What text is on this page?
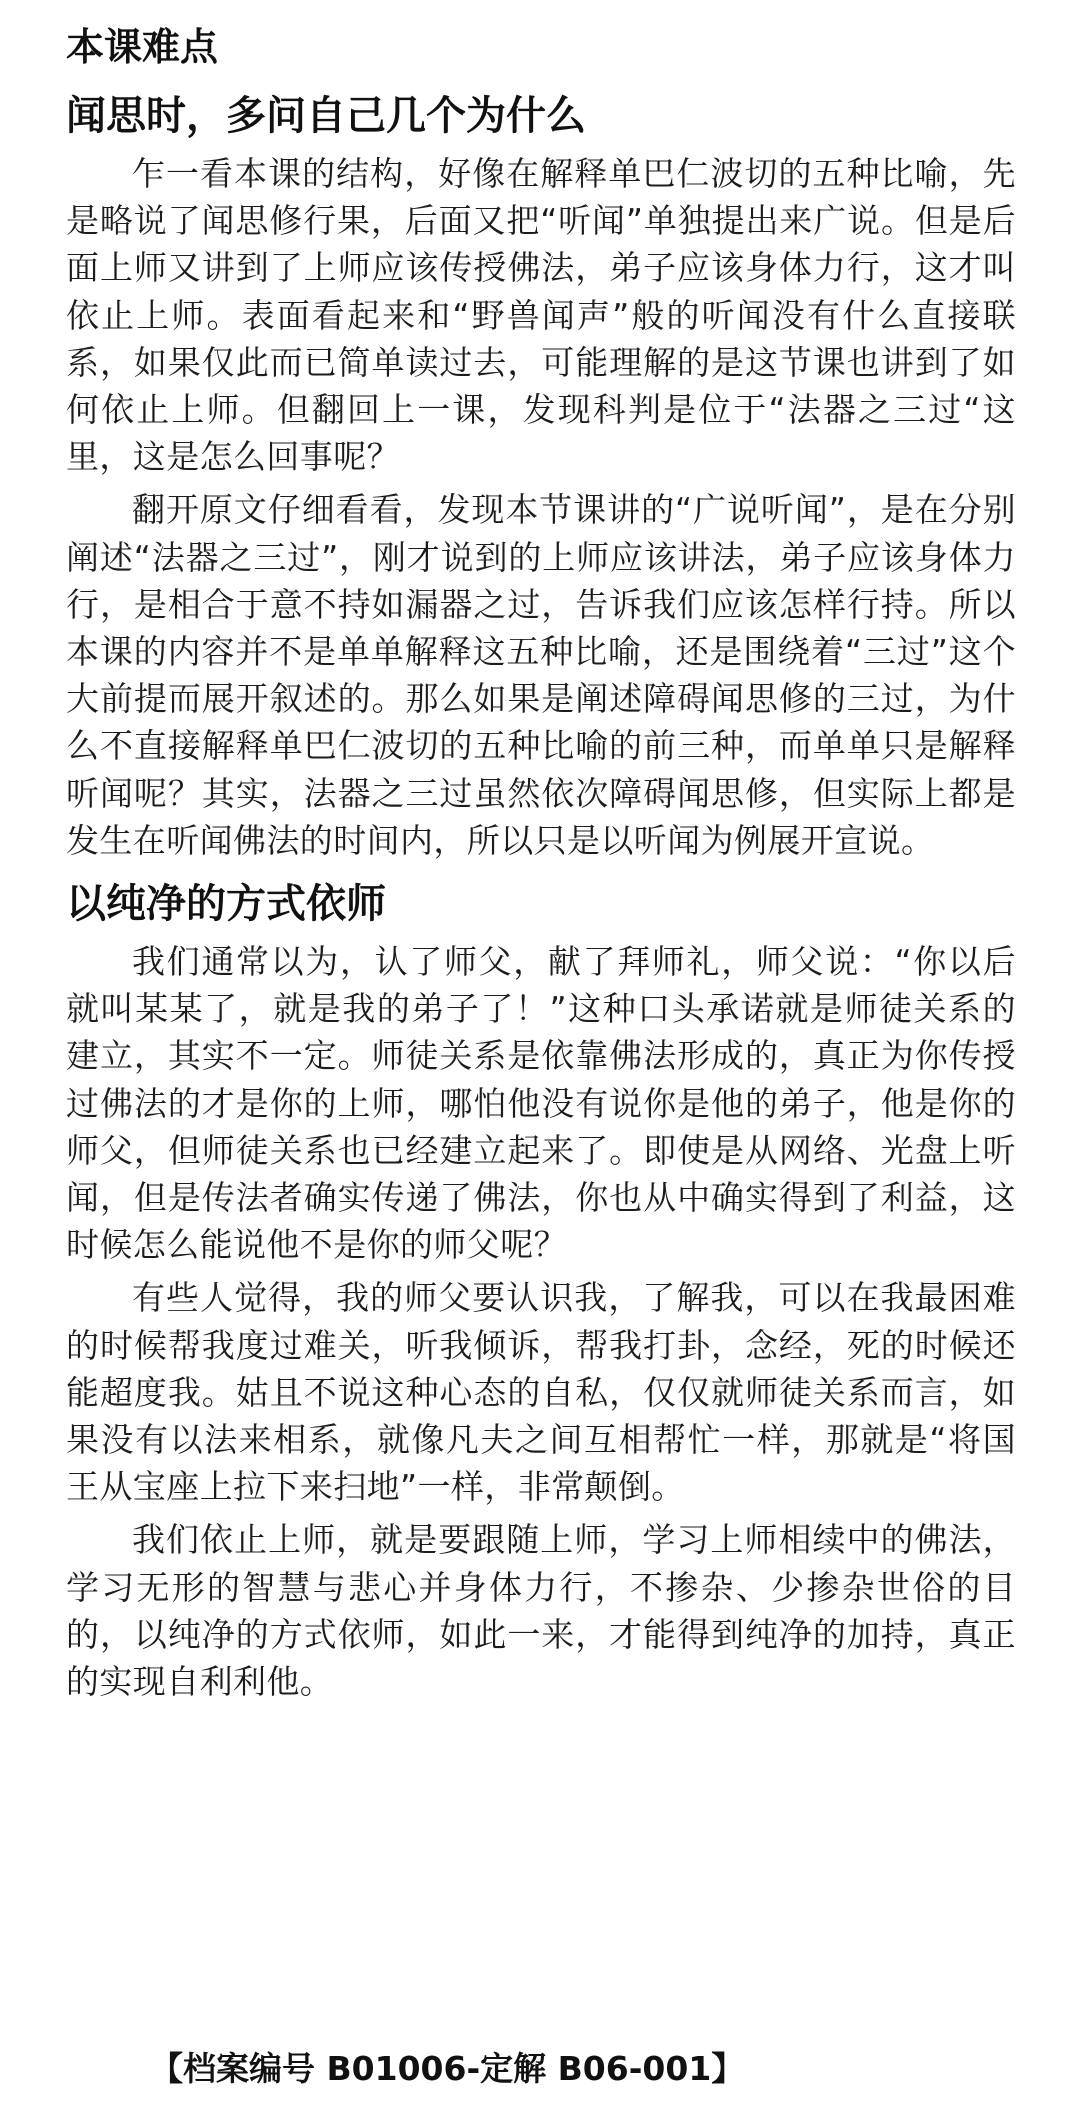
本课难点
闻思时，多问自己几个为什么

乍一看本课的结构，好像在解释单巴仁波切的五种比喻，先是略说了闻思修行果，后面又把“听闻”单独提出来广说。但是后面上师又讲到了上师应该传授佛法，弟子应该身体力行，这才叫依止上师。表面看起来和“野兽闻声”般的听闻没有什么直接联系，如果仅此而已简单读过去，可能理解的是这节课也讲到了如何依止上师。但翻回上一课，发现科判是位于“法器之三过“这里，这是怎么回事呢？

翻开原文仔细看看，发现本节课讲的“广说听闻”，是在分别阐述“法器之三过”，刚才说到的上师应该讲法，弟子应该身体力行，是相合于意不持如漏器之过，告诉我们应该怎样行持。所以本课的内容并不是单单解释这五种比喻，还是围绕着“三过”这个大前提而展开叙述的。那么如果是阐述障碍闻思修的三过，为什么不直接解释单巴仁波切的五种比喻的前三种，而单单只是解释听闻呢？其实，法器之三过虽然依次障碍闻思修，但实际上都是发生在听闻佛法的时间内，所以只是以听闻为例展开宣说。

以纯净的方式依师

我们通常以为，认了师父，献了拜师礼，师父说：“你以后就叫某某了，就是我的弟子了！”这种口头承诺就是师徒关系的建立，其实不一定。师徒关系是依靠佛法形成的，真正为你传授过佛法的才是你的上师，哪怕他没有说你是他的弟子，他是你的师父，但师徒关系也已经建立起来了。即使是从网络、光盘上听闻，但是传法者确实传递了佛法，你也从中确实得到了利益，这时候怎么能说他不是你的师父呢？

有些人觉得，我的师父要认识我，了解我，可以在我最困难的时候帮我度过难关，听我倾诉，帮我打卦，念经，死的时候还能超度我。姑且不说这种心态的自私，仅仅就师徒关系而言，如果没有以法来相系，就像凡夫之间互相帮忙一样，那就是“将国王从宝座上拉下来扫地”一样，非常颠倒。

我们依止上师，就是要跟随上师，学习上师相续中的佛法，学习无形的智慧与悲心并身体力行，不掺杂、少掺杂世俗的目的，以纯净的方式依师，如此一来，才能得到纯净的加持，真正的实现自利利他。

【档案编号 B01006-定解 B06-001】
